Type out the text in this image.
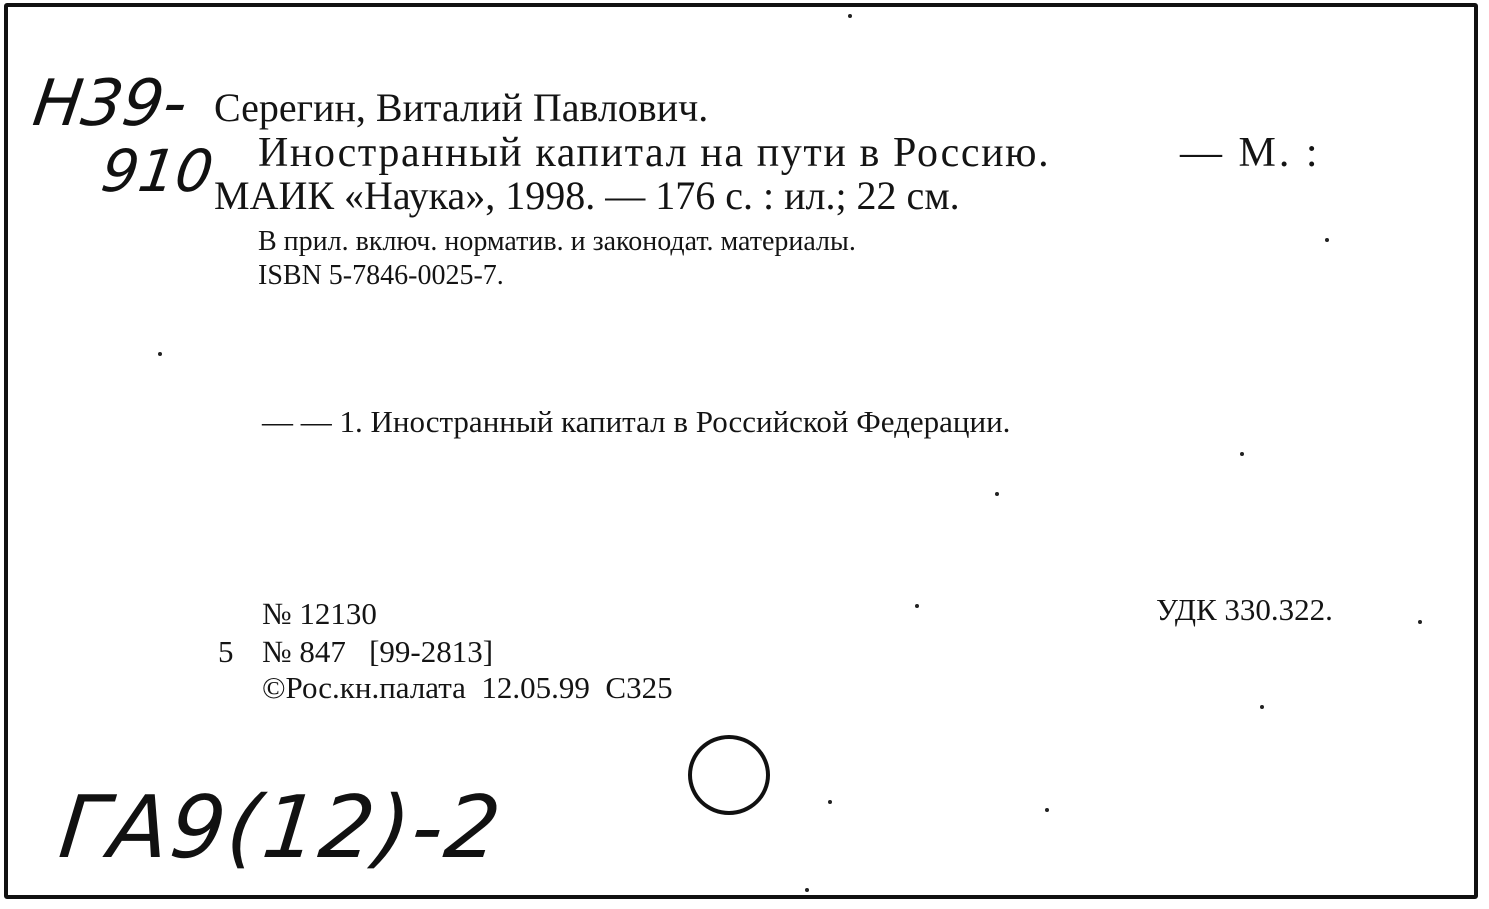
Н39-
910
Серегин, Виталий Павлович.
Иностранный капитал на пути в Россию.	— М. :
МАИК «Наука», 1998. — 176 с. : ил.; 22 см.
В прил. включ. норматив. и законодат. материалы.
ISBN 5-7846-0025-7.
— — 1. Иностранный капитал в Российской Федерации.
№ 12130
5 № 847   [99-2813]
©Рос.кн.палата  12.05.99  С325
УДК 330.322.
ГА9(12)-2
